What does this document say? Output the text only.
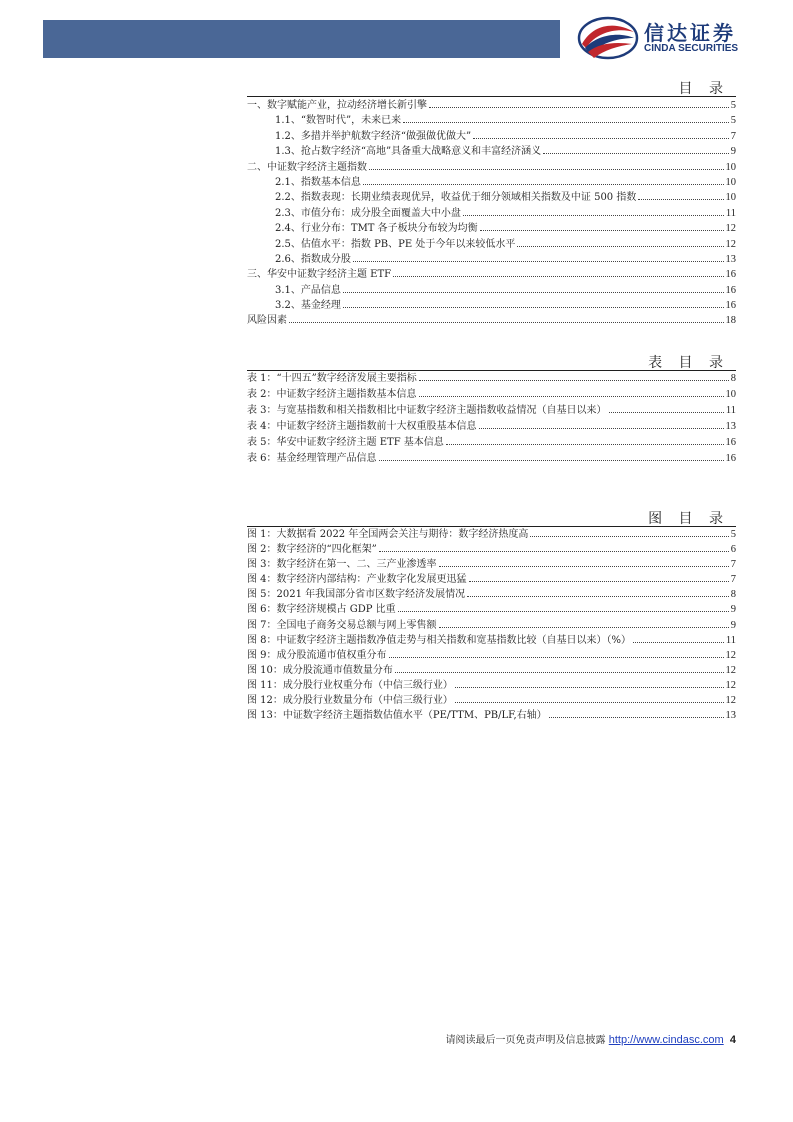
信达证券
CINDA SECURITIES
目 录
一、数字赋能产业，拉动经济增长新引擎	5
1.1、“数智时代”，未来已来	5
1.2、多措并举护航数字经济“做强做优做大”	7
1.3、抢占数字经济“高地”具备重大战略意义和丰富经济涵义	9
二、中证数字经济主题指数	10
2.1、指数基本信息	10
2.2、指数表现：长期业绩表现优异，收益优于细分领域相关指数及中证 500 指数	10
2.3、市值分布：成分股全面覆盖大中小盘	11
2.4、行业分布：TMT 各子板块分布较为均衡	12
2.5、估值水平：指数 PB、PE 处于今年以来较低水平	12
2.6、指数成分股	13
三、华安中证数字经济主题 ETF	16
3.1、产品信息	16
3.2、基金经理	16
风险因素	18
表 目 录
表 1：“十四五”数字经济发展主要指标	8
表 2：中证数字经济主题指数基本信息	10
表 3：与宽基指数和相关指数相比中证数字经济主题指数收益情况（自基日以来）	11
表 4：中证数字经济主题指数前十大权重股基本信息	13
表 5：华安中证数字经济主题 ETF 基本信息	16
表 6：基金经理管理产品信息	16
图 目 录
图 1：大数据看 2022 年全国两会关注与期待：数字经济热度高	5
图 2：数字经济的“四化框架”	6
图 3：数字经济在第一、二、三产业渗透率	7
图 4：数字经济内部结构：产业数字化发展更迅猛	7
图 5：2021 年我国部分省市区数字经济发展情况	8
图 6：数字经济规模占 GDP 比重	9
图 7：全国电子商务交易总额与网上零售额	9
图 8：中证数字经济主题指数净值走势与相关指数和宽基指数比较（自基日以来）（%）	11
图 9：成分股流通市值权重分布	12
图 10：成分股流通市值数量分布	12
图 11：成分股行业权重分布（中信三级行业）	12
图 12：成分股行业数量分布（中信三级行业）	12
图 13：中证数字经济主题指数估值水平（PE/TTM、PB/LF,右轴）	13
请阅读最后一页免责声明及信息披露 http://www.cindasc.com 4
